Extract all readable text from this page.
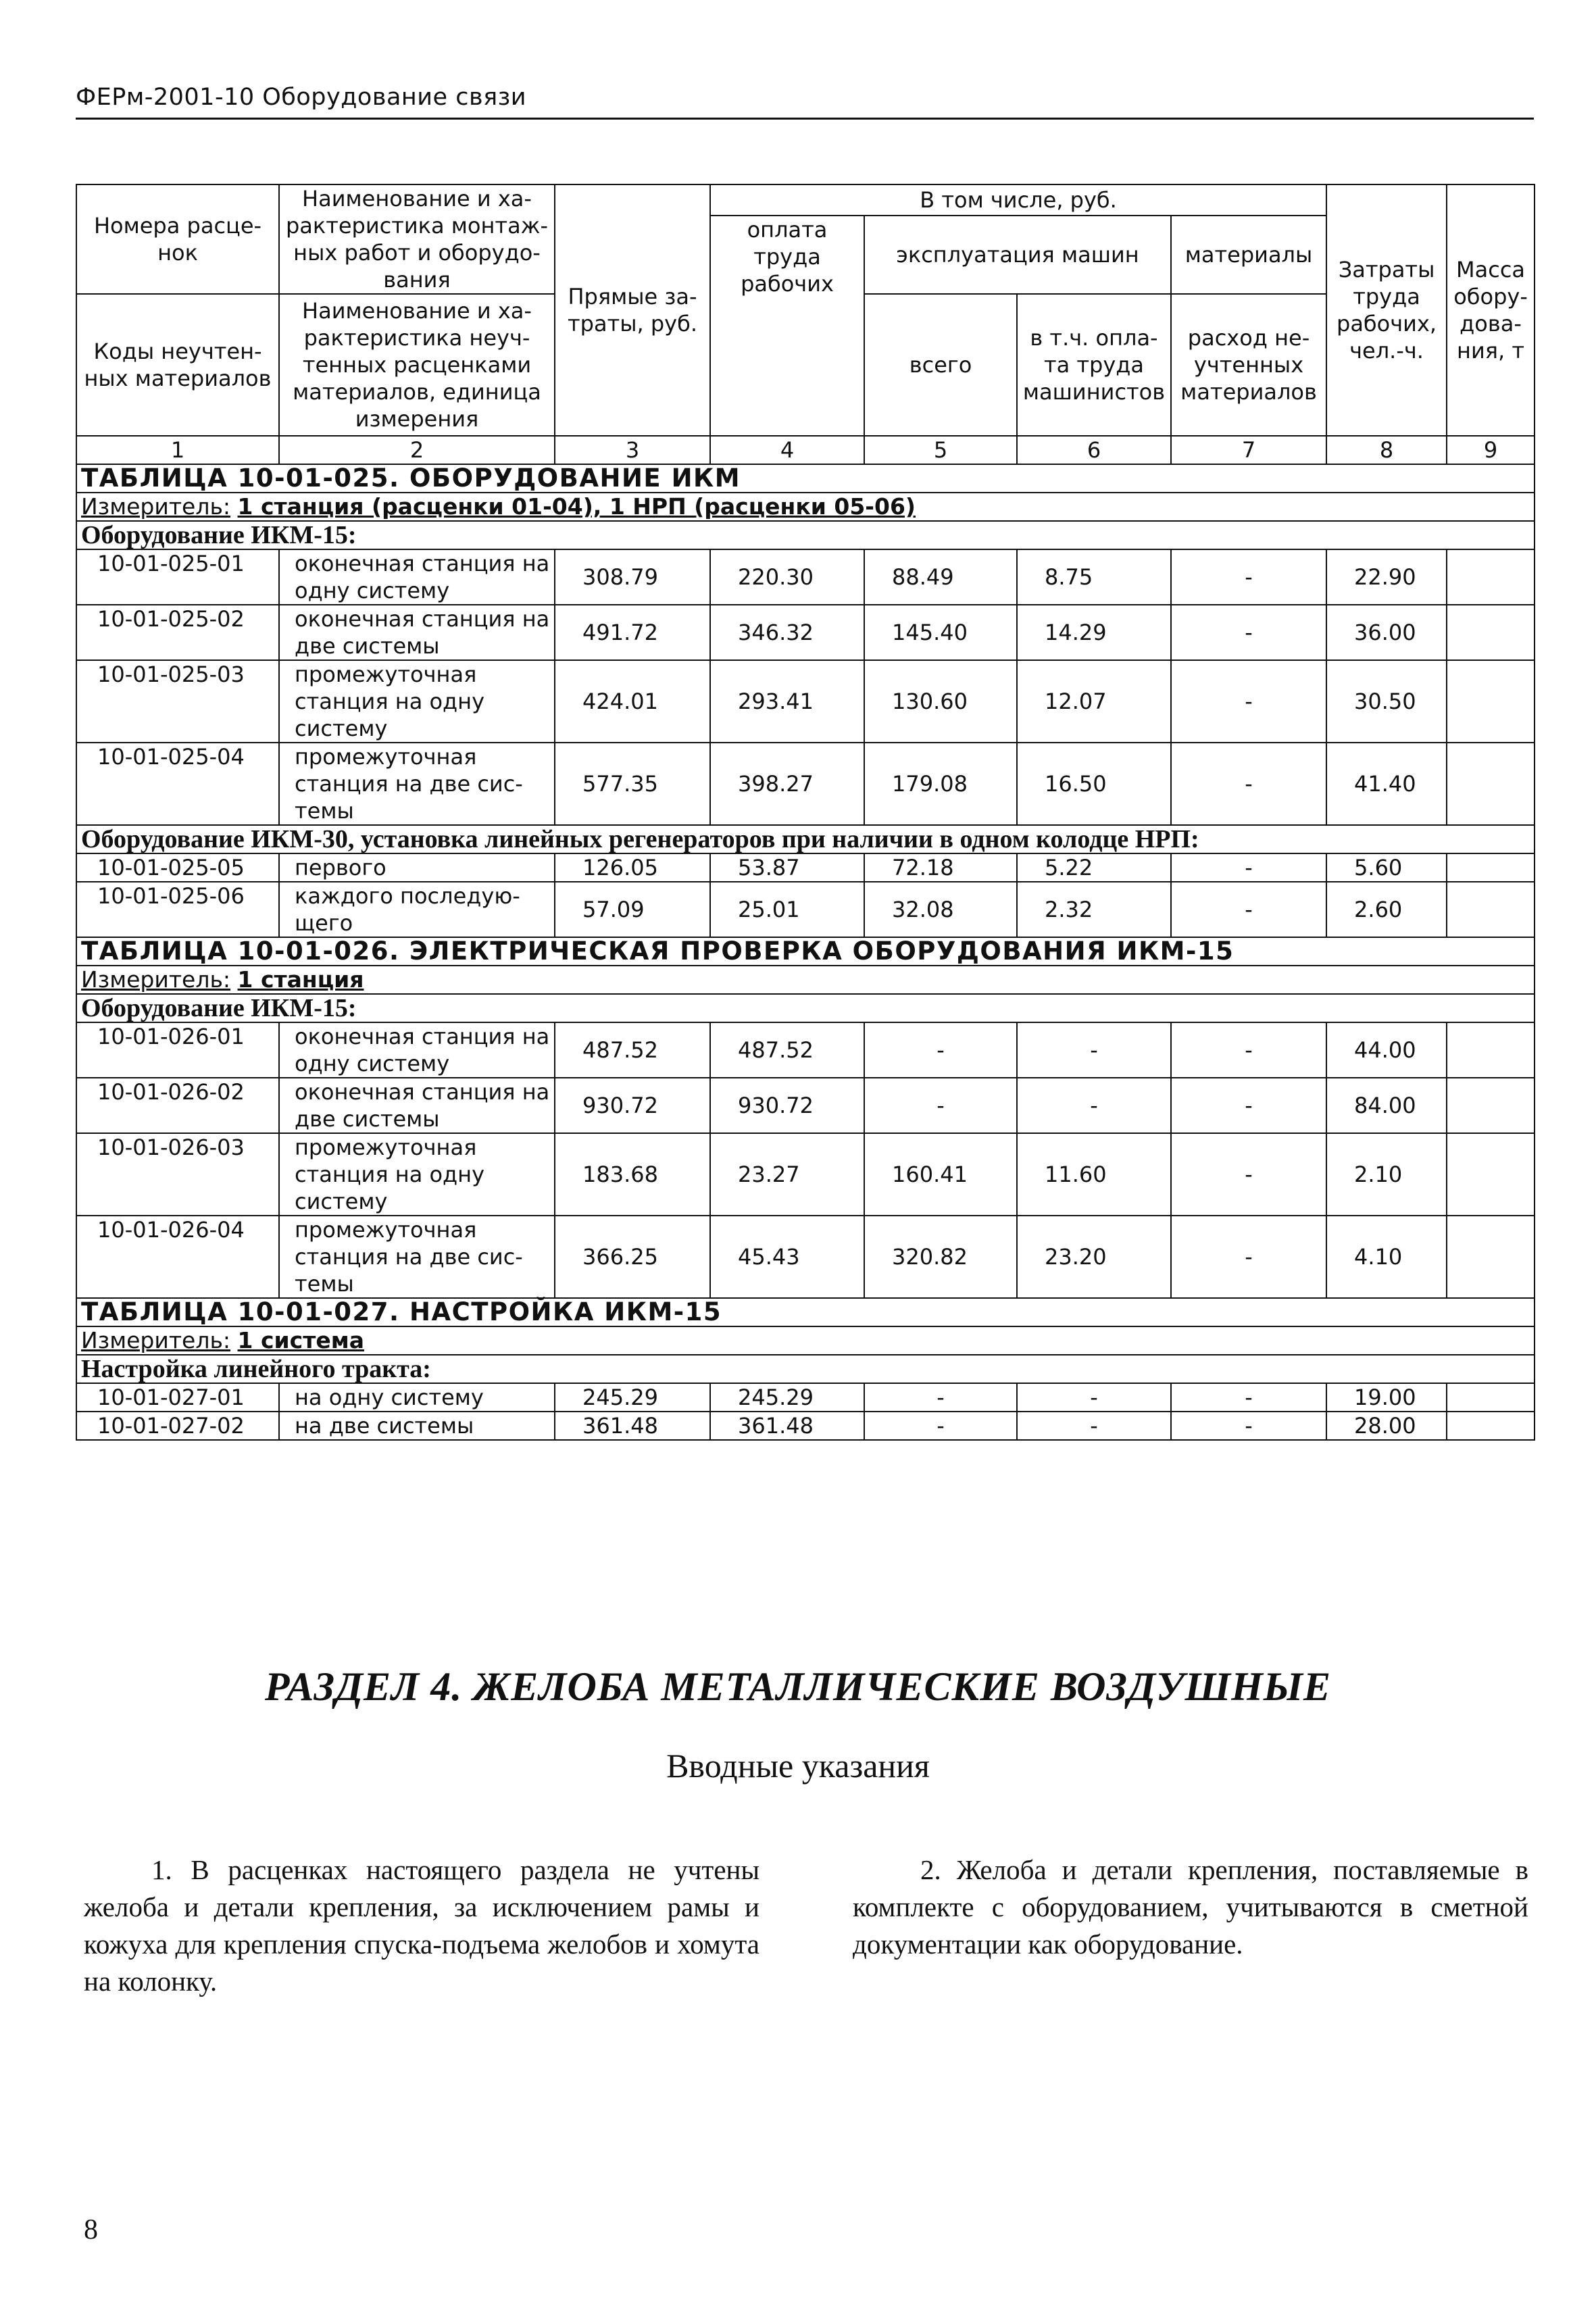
ФЕРм-2001-10 Оборудование связи
Номера расце-нок	Наименование и ха-рактеристика монтаж-ных работ и оборудо-вания	Прямые за-траты, руб.	В том числе, руб.				Затраты труда рабочих, чел.-ч.	Масса обору-дова-ния, т
			оплата труда рабочих	эксплуатация машин		материалы		
Коды неучтен-ных материалов	Наименование и ха-рактеристика неуч-тенных расценками материалов, единица измерения			всего	в т.ч. опла-та труда машинистов	расход не-учтенных материалов		

1	2	3	4	5	6	7	8	9
ТАБЛИЦА 10-01-025. ОБОРУДОВАНИЕ ИКМ								
Измеритель: 1 станция (расценки 01-04), 1 НРП (расценки 05-06)								
Оборудование ИКМ-15:								
10-01-025-01	оконечная станция на одну систему	308.79	220.30	88.49	8.75	-	22.90	
10-01-025-02	оконечная станция на две системы	491.72	346.32	145.40	14.29	-	36.00	
10-01-025-03	промежуточная станция на одну систему	424.01	293.41	130.60	12.07	-	30.50	
10-01-025-04	промежуточная станция на две сис-темы	577.35	398.27	179.08	16.50	-	41.40	
Оборудование ИКМ-30, установка линейных регенераторов при наличии в одном колодце НРП:								
10-01-025-05	первого	126.05	53.87	72.18	5.22	-	5.60	
10-01-025-06	каждого последую-щего	57.09	25.01	32.08	2.32	-	2.60	
ТАБЛИЦА 10-01-026. ЭЛЕКТРИЧЕСКАЯ ПРОВЕРКА ОБОРУДОВАНИЯ ИКМ-15								
Измеритель: 1 станция								
Оборудование ИКМ-15:								
10-01-026-01	оконечная станция на одну систему	487.52	487.52	-	-	-	44.00	
10-01-026-02	оконечная станция на две системы	930.72	930.72	-	-	-	84.00	
10-01-026-03	промежуточная станция на одну систему	183.68	23.27	160.41	11.60	-	2.10	
10-01-026-04	промежуточная станция на две сис-темы	366.25	45.43	320.82	23.20	-	4.10	
ТАБЛИЦА 10-01-027. НАСТРОЙКА ИКМ-15								
Измеритель: 1 система								
Настройка линейного тракта:								
10-01-027-01	на одну систему	245.29	245.29	-	-	-	19.00	
10-01-027-02	на две системы	361.48	361.48	-	-	-	28.00	
РАЗДЕЛ 4. ЖЕЛОБА МЕТАЛЛИЧЕСКИЕ ВОЗДУШНЫЕ
Вводные указания
1. В расценках настоящего раздела не учтены желоба и детали крепления, за исключением рамы и кожуха для крепления спуска-подъема желобов и хомута на колонку.
2. Желоба и детали крепления, поставляемые в комплекте с оборудованием, учитываются в сметной документации как оборудование.
8
